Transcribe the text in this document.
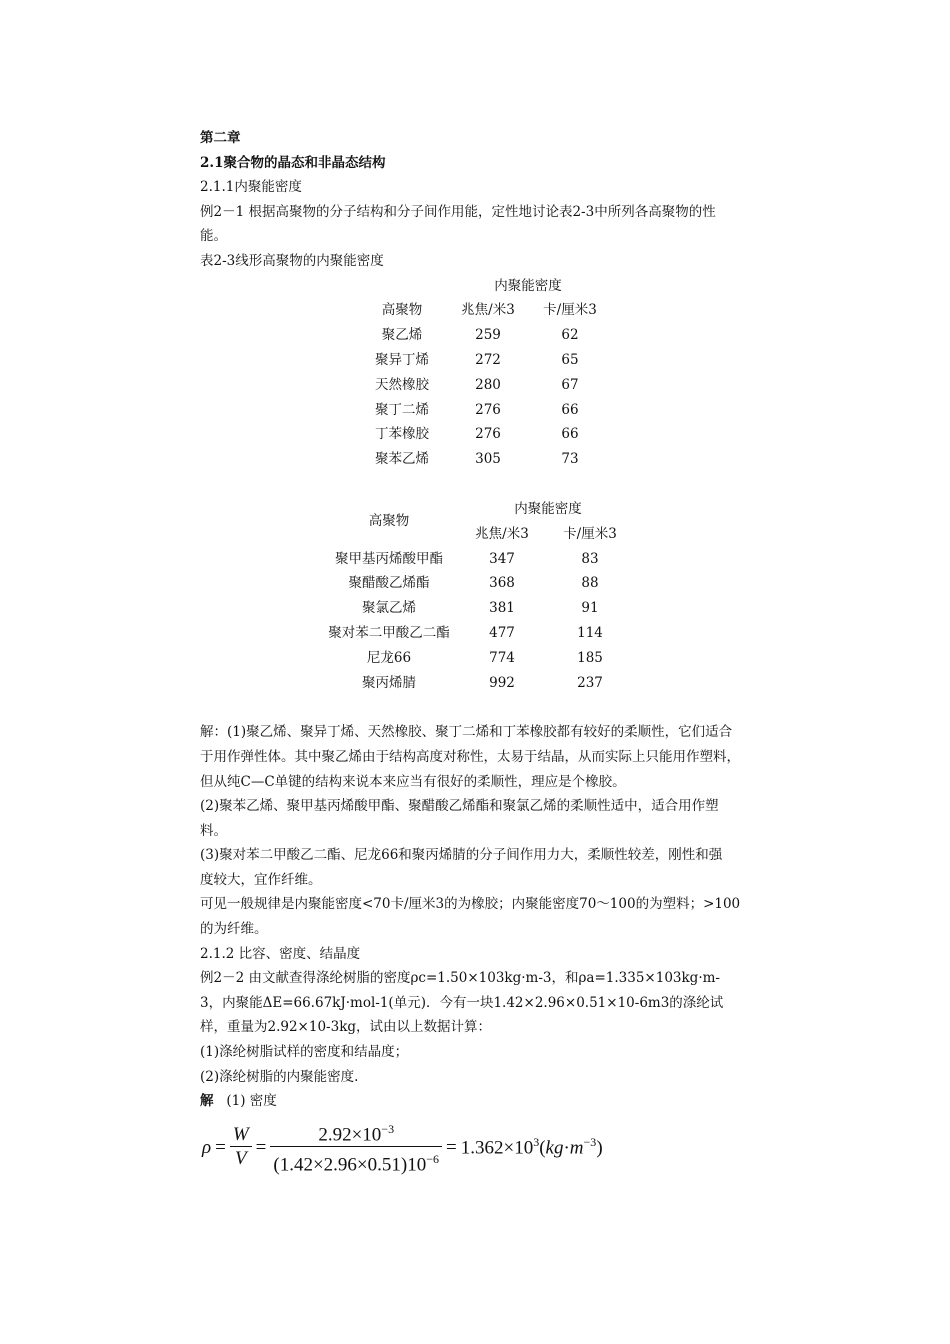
第二章
2.1聚合物的晶态和非晶态结构
2.1.1内聚能密度
例2－1 根据高聚物的分子结构和分子间作用能，定性地讨论表2-3中所列各高聚物的性
能。
表2-3线形高聚物的内聚能密度
	内聚能密度	
高聚物	兆焦/米3	卡/厘米3
聚乙烯	259	62
聚异丁烯	272	65
天然橡胶	280	67
聚丁二烯	276	66
丁苯橡胶	276	66
聚苯乙烯	305	73
高聚物	内聚能密度	
	兆焦/米3	卡/厘米3
聚甲基丙烯酸甲酯	347	83
聚醋酸乙烯酯	368	88
聚氯乙烯	381	91
聚对苯二甲酸乙二酯	477	114
尼龙66	774	185
聚丙烯腈	992	237
解：(1)聚乙烯、聚异丁烯、天然橡胶、聚丁二烯和丁苯橡胶都有较好的柔顺性，它们适合
于用作弹性体。其中聚乙烯由于结构高度对称性，太易于结晶，从而实际上只能用作塑料，
但从纯C—C单键的结构来说本来应当有很好的柔顺性，理应是个橡胶。
(2)聚苯乙烯、聚甲基丙烯酸甲酯、聚醋酸乙烯酯和聚氯乙烯的柔顺性适中，适合用作塑
料。
(3)聚对苯二甲酸乙二酯、尼龙66和聚丙烯腈的分子间作用力大，柔顺性较差，刚性和强
度较大，宜作纤维。
可见一般规律是内聚能密度<70卡/厘米3的为橡胶；内聚能密度70～100的为塑料；>100
的为纤维。
2.1.2 比容、密度、结晶度
例2－2 由文献查得涤纶树脂的密度ρc=1.50×103kg·m-3，和ρa=1.335×103kg·m-
3，内聚能ΔE=66.67kJ·mol-1(单元)．今有一块1.42×2.96×0.51×10-6m3的涤纶试
样，重量为2.92×10-3kg，试由以上数据计算：
(1)涤纶树脂试样的密度和结晶度；
(2)涤纶树脂的内聚能密度.
解 (1) 密度
$\rho = \frac{W}{V} = \frac{2.92\times 10^{-3}}{(1.42\times 2.96\times 0.51)10^{-6}} = 1.362\times 10^3(kg\cdot m^{-3})$
